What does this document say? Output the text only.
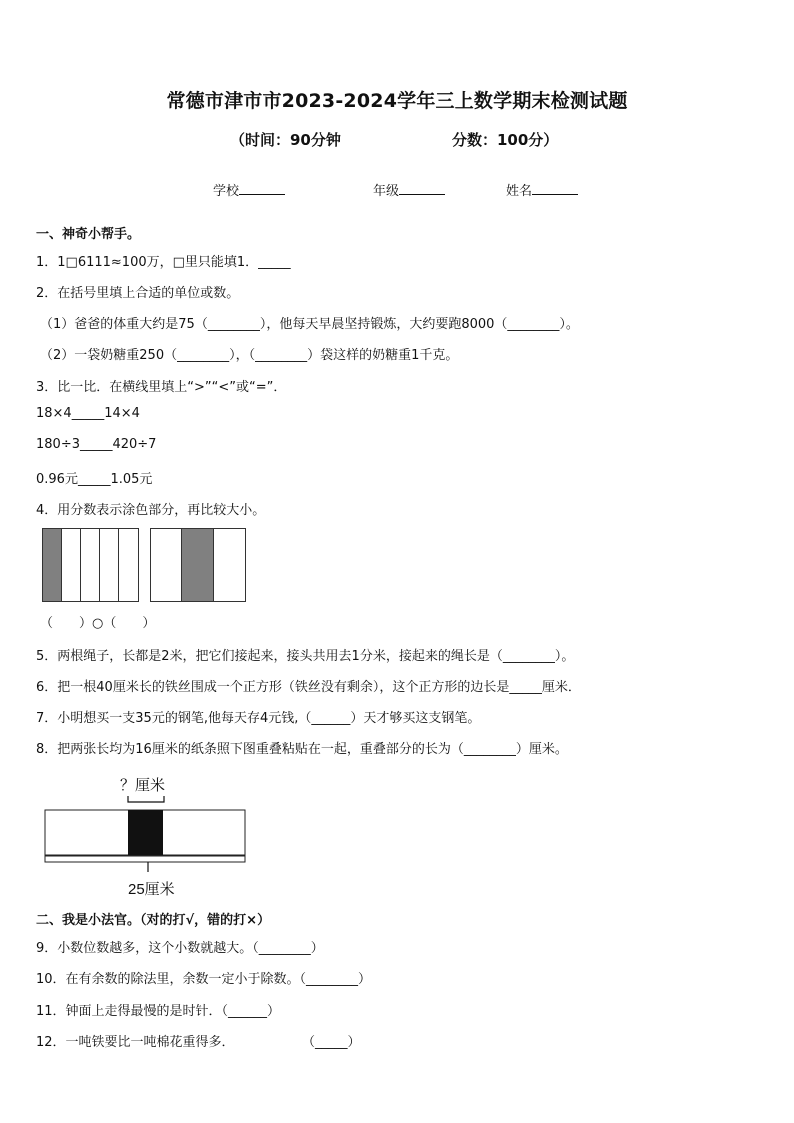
常德市津市市2023-2024学年三上数学期末检测试题
（时间：90分钟	分数：100分）
学校	年级	姓名
一、神奇小帮手。
1．1□6111≈100万，□里只能填1．_____
2．在括号里填上合适的单位或数。
（1）爸爸的体重大约是75（________），他每天早晨坚持锻炼，大约要跑8000（________）。
（2）一袋奶糖重250（________），（________）袋这样的奶糖重1千克。
3．比一比．在横线里填上“>”“<”或“=”．
18×4_____14×4
180÷3_____420÷7
0.96元_____1.05元
4．用分数表示涂色部分，再比较大小。
（　　）○（　　）
5．两根绳子，长都是2米，把它们接起来，接头共用去1分米，接起来的绳长是（________）。
6．把一根40厘米长的铁丝围成一个正方形（铁丝没有剩余），这个正方形的边长是_____厘米．
7．小明想买一支35元的钢笔,他每天存4元钱,（______）天才够买这支钢笔。
8．把两张长均为16厘米的纸条照下图重叠粘贴在一起，重叠部分的长为（________）厘米。
？厘米
25厘米
二、我是小法官。（对的打√，错的打×）
9．小数位数越多，这个小数就越大。（________）
10．在有余数的除法里，余数一定小于除数。（________）
11．钟面上走得最慢的是时针．（______）
12．一吨铁要比一吨棉花重得多．	（_____）
